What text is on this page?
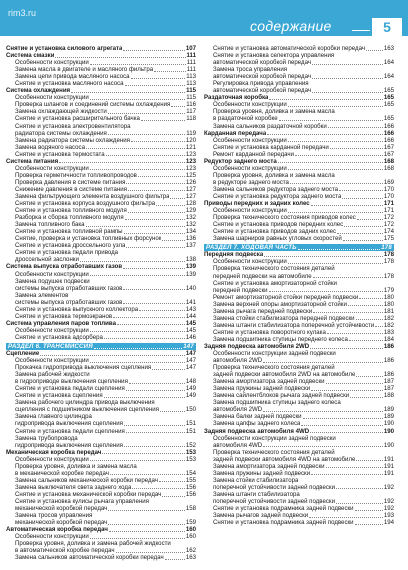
rim3.ru
содержание	5
Снятие и установка силового агрегата	107
Система смазки	111
Особенности конструкции	111
Замена масла в двигателе и масляного фильтра	111
Замена цепи привода масляного насоса	113
Снятие и установка масляного насоса	113
Система охлаждения	115
Особенности конструкции	115
Проверка шлангов и соединений системы охлаждения	116
Замена охлаждающей жидкости	117
Снятие и установка расширительного бачка	118
Снятие и установка электровентилятора
радиатора системы охлаждения	119
Замена радиатора системы охлаждения	120
Замена водяного насоса	121
Снятие и установка термостата	123
Система питания	123
Особенности конструкции	123
Проверка герметичности топливопроводов	125
Проверка давления в системе питания	126
Снижение давления в системе питания	127
Замена фильтрующего элемента воздушного фильтра	127
Снятие и установка корпуса воздушного фильтра	128
Снятие и установка топливного модуля	129
Разборка и сборка топливного модуля	132
Замена топливного бака	132
Снятие и установка топливной рампы	134
Снятие, проверка и установка топливных форсунок	136
Снятие и установка дроссельного узла	137
Снятие и установка педали привода
дроссельной заслонки	138
Система выпуска отработавших газов	139
Особенности конструкции	139
Замена подушек подвески
системы выпуска отработавших газов	140
Замена элементов
системы выпуска отработавших газов	141
Снятие и установка выпускного коллектора	143
Снятие и установка термоэкранов	144
Система управления паров топлива	145
Особенности конструкции	145
Снятие и установка адсорбера	146
РАЗДЕЛ 6. ТРАНСМИССИЯ	147
Сцепление	147
Особенности конструкции	147
Прокачка гидропривода выключения сцепления	147
Замена рабочей жидкости
в гидроприводе выключения сцепления	148
Снятие и установка педали сцепления	149
Снятие и установка сцепления	149
Замена рабочего цилиндра привода выключения
сцепления с подшипником выключения сцепления	150
Замена главного цилиндра
гидропривода выключения сцепления	151
Снятие и установка педали сцепления	151
Замена трубопровода
гидропривода выключения сцепления	152
Механическая коробка передач	153
Особенности конструкции	153
Проверка уровня, доливка и замена масла
в механической коробке передач	154
Замена сальников механической коробки передач	155
Замена выключателя света заднего хода	156
Снятие и установка механической коробки передач	156
Снятие и установка кулисы рычага управления
механической коробкой передач	158
Замена тросов управления
механической коробкой передач	159
Автоматическая коробка передач	160
Особенности конструкции	160
Проверка уровня, доливка и замена рабочей жидкости
в автоматической коробке передач	162
Замена сальников автоматической коробки передач	163
Снятие и установка автоматической коробки передач	163
Снятие и установка селектора управления
автоматической коробкой передач	164
Замена троса управления
автоматической коробкой передач	164
Регулировка привода управления
автоматической коробкой передач	165
Раздаточная коробка	165
Особенности конструкции	165
Проверка уровня, доливка и замена масла
в раздаточной коробке	165
Замена сальников раздаточной коробки	166
Карданная передача	166
Особенности конструкции	166
Снятие и установка карданной передачи	167
Ремонт карданной передачи	167
Редуктор заднего моста	168
Особенности конструкции	168
Проверка уровня, доливка и замена масла
в редукторе заднего моста	169
Замена сальников редуктора заднего моста	170
Снятие и установка редуктора заднего моста	170
Приводы передних и задних колес	171
Особенности конструкции	171
Проверка технического состояния приводов колес	172
Снятие и установка приводов передних колес	172
Снятие и установка приводов задних колес	174
Замена шарниров равных угловых скоростей	175
РАЗДЕЛ 7. ХОДОВАЯ ЧАСТЬ	178
Передняя подвеска	178
Особенности конструкции	178
Проверка технического состояния деталей
передней подвески на автомобиле	178
Снятие и установка амортизаторной стойки
передней подвески	179
Ремонт амортизаторной стойки передней подвески	180
Замена верхней опоры амортизаторной стойки	180
Замена рычага передней подвески	181
Замена стойки стабилизатора передней подвески	182
Замена штанги стабилизатора поперечной устойчивости 182
Снятие и установка поворотного кулака	183
Замена подшипника ступицы переднего колеса	184
Задняя подвеска автомобиля 2WD	186
Особенности конструкции задней подвески
автомобиля 2WD	186
Проверка технического состояния деталей
задней подвески автомобиля 2WD на автомобиле	186
Замена амортизатора задней подвески	187
Замена пружины задней подвески	187
Замена сайлентблоков рычага задней подвески	188
Замена подшипника ступицы заднего колеса
автомобиля 2WD	189
Замена балки задней подвески	189
Замена цапфы заднего колеса	190
Задняя подвеска автомобиля 4WD	190
Особенности конструкции задней подвески
автомобиля 4WD	190
Проверка технического состояния деталей
задней подвески автомобиля 4WD на автомобиле	191
Замена амортизатора задней подвески	191
Замена пружины задней подвески	191
Замена стойки стабилизатора
поперечной устойчивости задней подвески	192
Замена штанги стабилизатора
поперечной устойчивости задней подвески	192
Снятие и установка подрамника задней подвески	192
Замена рычагов задней подвески	193
Снятие и установка подрамника задней подвески	194
